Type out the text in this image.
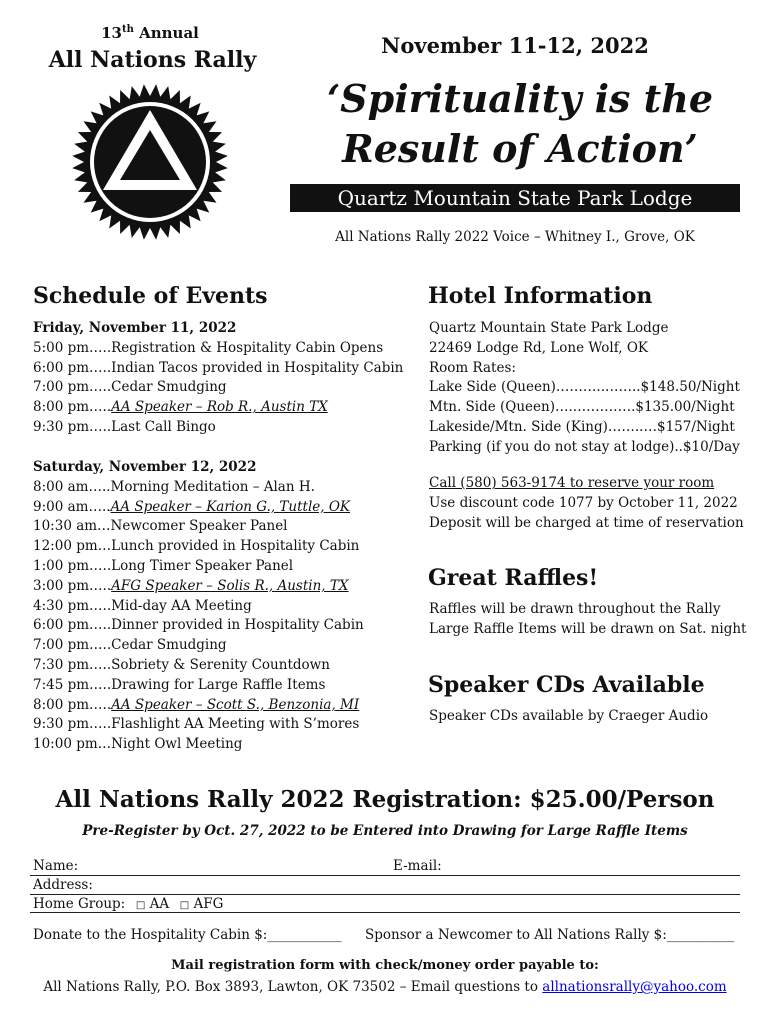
13th Annual
All Nations Rally
November 11-12, 2022
‘Spirituality is the
Result of Action’
Quartz Mountain State Park Lodge
All Nations Rally 2022 Voice – Whitney I., Grove, OK
Schedule of Events
Friday, November 11, 2022
5:00 pm…..Registration & Hospitality Cabin Opens
6:00 pm…..Indian Tacos provided in Hospitality Cabin
7:00 pm…..Cedar Smudging
8:00 pm…..AA Speaker – Rob R., Austin TX
9:30 pm…..Last Call Bingo
Saturday, November 12, 2022
8:00 am…..Morning Meditation – Alan H.
9:00 am…..AA Speaker – Karion G., Tuttle, OK
10:30 am…Newcomer Speaker Panel
12:00 pm…Lunch provided in Hospitality Cabin
1:00 pm…..Long Timer Speaker Panel
3:00 pm…..AFG Speaker – Solis R., Austin, TX
4:30 pm…..Mid-day AA Meeting
6:00 pm…..Dinner provided in Hospitality Cabin
7:00 pm…..Cedar Smudging
7:30 pm…..Sobriety & Serenity Countdown
7:45 pm…..Drawing for Large Raffle Items
8:00 pm…..AA Speaker – Scott S., Benzonia, MI
9:30 pm…..Flashlight AA Meeting with S’mores
10:00 pm…Night Owl Meeting
Hotel Information
Quartz Mountain State Park Lodge
22469 Lodge Rd, Lone Wolf, OK
Room Rates:
Lake Side (Queen)………..……..$148.50/Night
Mtn. Side (Queen)…..………….$135.00/Night
Lakeside/Mtn. Side (King)……..…$157/Night
Parking (if you do not stay at lodge)..$10/Day
Call (580) 563-9174 to reserve your room
Use discount code 1077 by October 11, 2022
Deposit will be charged at time of reservation
Great Raffles!
Raffles will be drawn throughout the Rally
Large Raffle Items will be drawn on Sat. night
Speaker CDs Available
Speaker CDs available by Craeger Audio
All Nations Rally 2022 Registration: $25.00/Person
Pre-Register by Oct. 27, 2022 to be Entered into Drawing for Large Raffle Items
Name:	E-mail:
Address:
Home Group:   □ AA   □ AFG
Donate to the Hospitality Cabin $:___________ Sponsor a Newcomer to All Nations Rally $:__________
Mail registration form with check/money order payable to:
All Nations Rally, P.O. Box 3893, Lawton, OK 73502 – Email questions to allnationsrally@yahoo.com
